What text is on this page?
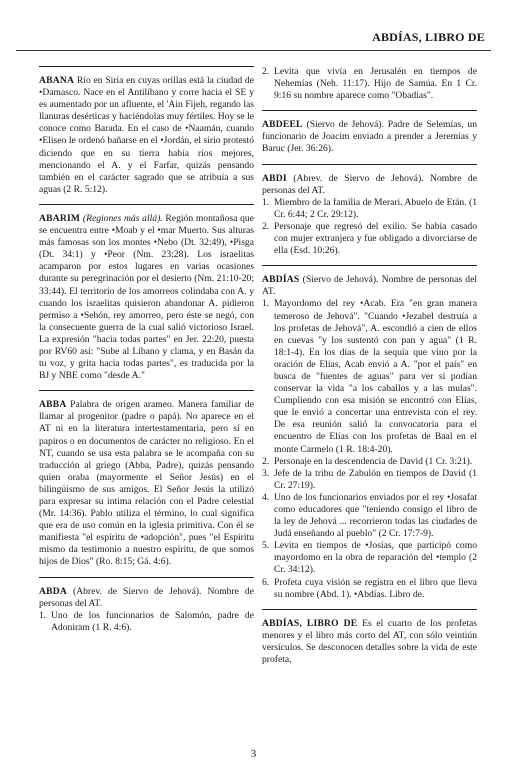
ABDÍAS, LIBRO DE

ABANA Río en Siria en cuyas orillas está la ciudad de •Damasco. Nace en el Antilíbano y corre hacia el SE y es aumentado por un afluente, el 'Ain Fijeh, regando las llanuras desérticas y haciéndolas muy fértiles. Hoy se le conoce como Barada. En el caso de •Naamán, cuando •Eliseo le ordenó bañarse en el •Jordán, el sirio protestó diciendo que en su tierra había ríos mejores, mencionando el A. y el Farfar, quizás pensando también en el carácter sagrado que se atribuía a sus aguas (2 R. 5:12).

ABARIM (Regiones más allá). Región montañosa que se encuentra entre •Moab y el •mar Muerto. Sus alturas más famosas son los montes •Nebo (Dt. 32:49), •Pisga (Dt. 34:1) y •Peor (Nm. 23:28). Los israelitas acamparon por estos lugares en varias ocasiones durante su peregrinación por el desierto (Nm. 21:10-20; 33:44). El territorio de los amorreos colindaba con A. y cuando los israelitas quisieron abandonar A. pidieron permiso a •Sehón, rey amorreo, pero éste se negó, con la consecuente guerra de la cual salió victorioso Israel. La expresión "hacia todas partes" en Jer. 22:20, puesta por RV60 así: "Sube al Líbano y clama, y en Basán da tu voz, y grita hacia todas partes", es traducida por la BJ y NBE como "desde A."

ABBA Palabra de origen arameo. Manera familiar de llamar al progenitor (padre o papá). No aparece en el AT ni en la literatura intertestamentaria, pero sí en papiros o en documentos de carácter no religioso. En el NT, cuando se usa esta palabra se le acompaña con su traducción al griego (Abba, Padre), quizás pensando quien oraba (mayormente el Señor Jesús) en el bilingüismo de sus amigos. El Señor Jesús la utilizó para expresar su íntima relación con el Padre celestial (Mr. 14:36). Pablo utiliza el término, lo cual significa que era de uso común en la iglesia primitiva. Con él se manifiesta "el espíritu de •adopción", pues "el Espíritu mismo da testimonio a nuestro espíritu, de que somos hijos de Dios" (Ro. 8:15; Gá. 4:6).

ABDA (Abrev. de Siervo de Jehová). Nombre de personas del AT.

1. Uno de los funcionarios de Salomón, padre de Adoniram (1 R. 4:6).
2. Levita que vivía en Jerusalén en tiempos de Nehemías (Neh. 11:17). Hijo de Samúa. En 1 Cr. 9:16 su nombre aparece como "Obadías".

ABDEEL (Siervo de Jehová). Padre de Selemías, un funcionario de Joacim enviado a prender a Jeremías y Baruc (Jer. 36:26).

ABDI (Abrev. de Siervo de Jehová). Nombre de personas del AT.

1. Miembro de la familia de Merari. Abuelo de Etán. (1 Cr. 6:44; 2 Cr. 29:12).
2. Personaje que regresó del exilio. Se había casado con mujer extranjera y fue obligado a divorciarse de ella (Esd. 10:26).

ABDÍAS (Siervo de Jehová). Nombre de personas del AT.

1. Mayordomo del rey •Acab. Era "en gran manera temeroso de Jehová". "Cuando •Jezabel destruía a los profetas de Jehová", A. escondió a cien de ellos en cuevas "y los sustentó con pan y agua" (1 R. 18:1-4). En los días de la sequía que vino por la oración de Elías, Acab envió a A. "por el país" en busca de "fuentes de aguas" para ver si podían conservar la vida "a los caballos y a las mulas". Cumpliendo con esa misión se encontró con Elías, que le envió a concertar una entrevista con el rey. De esa reunión salió la convocatoria para el encuentro de Elías con los profetas de Baal en el monte Carmelo (1 R. 18:4-20).
2. Personaje en la descendencia de David (1 Cr. 3:21).
3. Jefe de la tribu de Zabulón en tiempos de David (1 Cr. 27:19).
4. Uno de los funcionarios enviados por el rey •Josafat como educadores que "teniendo consigo el libro de la ley de Jehová ... recorrieron todas las ciudades de Judá enseñando al pueblo" (2 Cr. 17:7-9).
5. Levita en tiempos de •Josías, que participó como mayordomo en la obra de reparación del •templo (2 Cr. 34:12).
6. Profeta cuya visión se registra en el libro que lleva su nombre (Abd. 1). •Abdías. Libro de.

ABDÍAS, LIBRO DE Es el cuarto de los profetas menores y el libro más corto del AT, con sólo veintiún versículos. Se desconocen detalles sobre la vida de este profeta,

3
